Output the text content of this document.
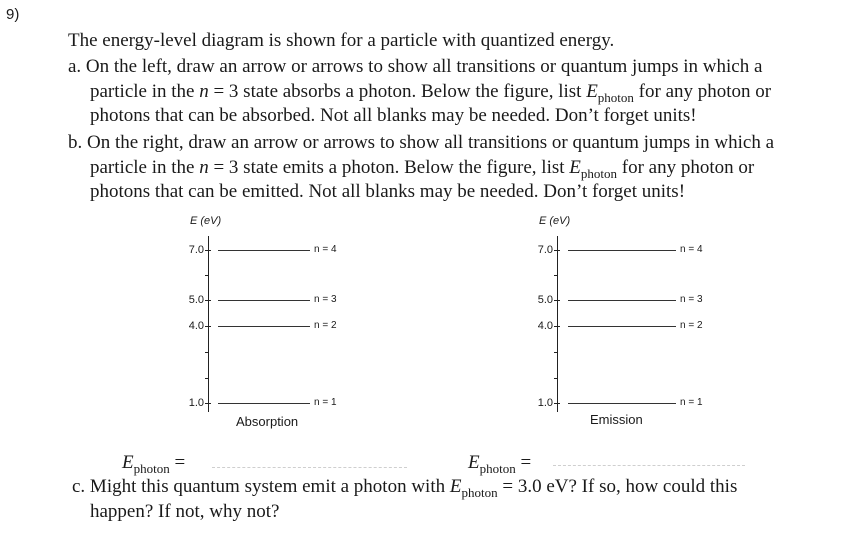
9)
The energy-level diagram is shown for a particle with quantized energy.
a. On the left, draw an arrow or arrows to show all transitions or quantum jumps in which a
particle in the n = 3 state absorbs a photon. Below the figure, list $E_{photon}$ for any photon or
photons that can be absorbed. Not all blanks may be needed. Don’t forget units!
b. On the right, draw an arrow or arrows to show all transitions or quantum jumps in which a
particle in the n = 3 state emits a photon. Below the figure, list $E_{photon}$ for any photon or
photons that can be emitted. Not all blanks may be needed. Don’t forget units!
E (eV)
7.0
5.0
4.0
1.0
n = 4
n = 3
n = 2
n = 1
Absorption
E (eV)
7.0
5.0
4.0
1.0
n = 4
n = 3
n = 2
n = 1
Emission
$E_{photon}$ =	$E_{photon}$ =
c. Might this quantum system emit a photon with $E_{photon} = 3.0$ eV? If so, how could this
happen? If not, why not?
